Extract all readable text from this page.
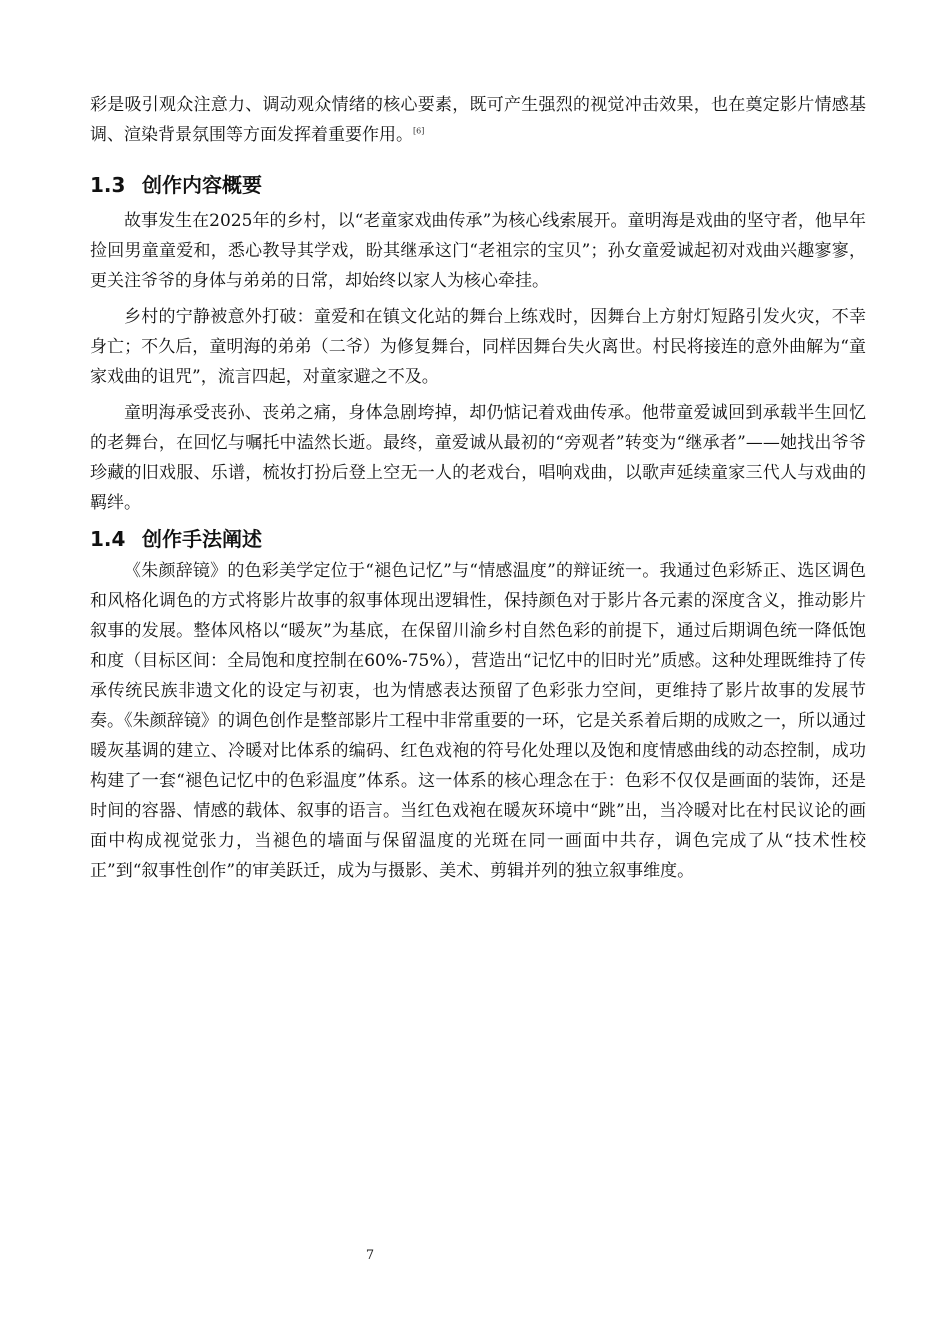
彩是吸引观众注意力、调动观众情绪的核心要素，既可产生强烈的视觉冲击效果，也在奠定影片情感基调、渲染背景氛围等方面发挥着重要作用。[6]

1.3 创作内容概要

故事发生在2025年的乡村，以“老童家戏曲传承”为核心线索展开。童明海是戏曲的坚守者，他早年捡回男童童爱和，悉心教导其学戏，盼其继承这门“老祖宗的宝贝”；孙女童爱诚起初对戏曲兴趣寥寥，更关注爷爷的身体与弟弟的日常，却始终以家人为核心牵挂。

乡村的宁静被意外打破：童爱和在镇文化站的舞台上练戏时，因舞台上方射灯短路引发火灾，不幸身亡；不久后，童明海的弟弟（二爷）为修复舞台，同样因舞台失火离世。村民将接连的意外曲解为“童家戏曲的诅咒”，流言四起，对童家避之不及。

童明海承受丧孙、丧弟之痛，身体急剧垮掉，却仍惦记着戏曲传承。他带童爱诚回到承载半生回忆的老舞台，在回忆与嘱托中溘然长逝。最终，童爱诚从最初的“旁观者”转变为“继承者”——她找出爷爷珍藏的旧戏服、乐谱，梳妆打扮后登上空无一人的老戏台，唱响戏曲，以歌声延续童家三代人与戏曲的羁绊。

1.4 创作手法阐述

《朱颜辞镜》的色彩美学定位于“褪色记忆”与“情感温度”的辩证统一。我通过色彩矫正、选区调色和风格化调色的方式将影片故事的叙事体现出逻辑性，保持颜色对于影片各元素的深度含义，推动影片叙事的发展。整体风格以“暖灰”为基底，在保留川渝乡村自然色彩的前提下，通过后期调色统一降低饱和度（目标区间：全局饱和度控制在60%-75%），营造出“记忆中的旧时光”质感。这种处理既维持了传承传统民族非遗文化的设定与初衷，也为情感表达预留了色彩张力空间，更维持了影片故事的发展节奏。《朱颜辞镜》的调色创作是整部影片工程中非常重要的一环，它是关系着后期的成败之一，所以通过暖灰基调的建立、冷暖对比体系的编码、红色戏袍的符号化处理以及饱和度情感曲线的动态控制，成功构建了一套“褪色记忆中的色彩温度”体系。这一体系的核心理念在于：色彩不仅仅是画面的装饰，还是时间的容器、情感的载体、叙事的语言。当红色戏袍在暖灰环境中“跳”出，当冷暖对比在村民议论的画面中构成视觉张力，当褪色的墙面与保留温度的光斑在同一画面中共存，调色完成了从“技术性校正”到“叙事性创作”的审美跃迁，成为与摄影、美术、剪辑并列的独立叙事维度。

7
